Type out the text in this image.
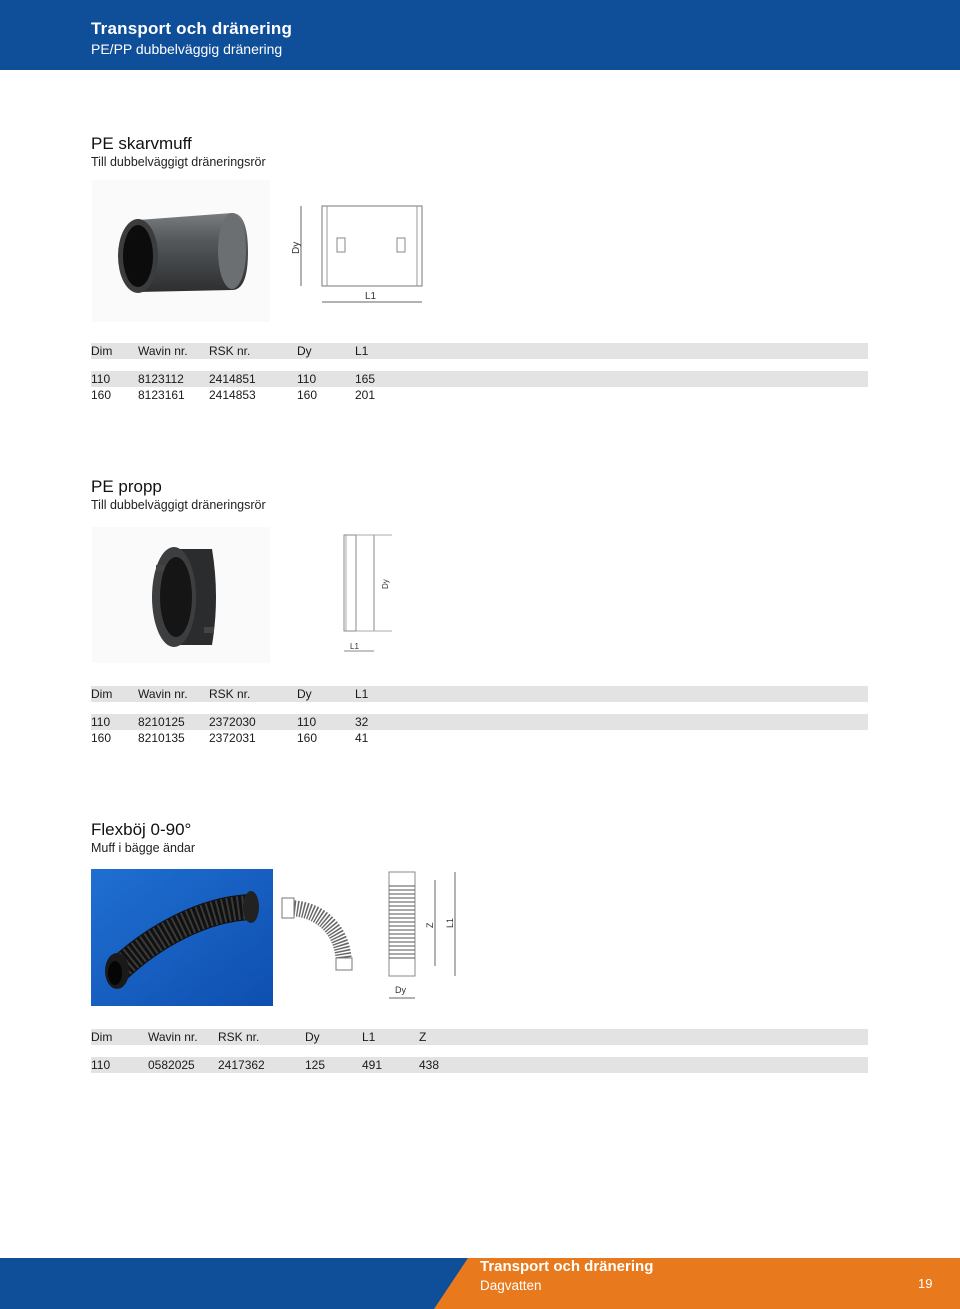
Transport och dränering
PE/PP dubbelväggig dränering
PE skarvmuff
Till dubbelväggigt dräneringsrör
Dy
L1
Dim	Wavin nr.	RSK nr.	Dy	L1

110	8123112	2414851	110	165
160	8123161	2414853	160	201
PE propp
Till dubbelväggigt dräneringsrör
Dy
L1
Dim	Wavin nr.	RSK nr.	Dy	L1

110	8210125	2372030	110	32
160	8210135	2372031	160	41
Flexböj 0-90°
Muff i bägge ändar
Z L1
Dy
Dim	Wavin nr.	RSK nr.	Dy	L1	Z

110	0582025	2417362	125	491	438
Transport och dränering
Dagvatten	19
